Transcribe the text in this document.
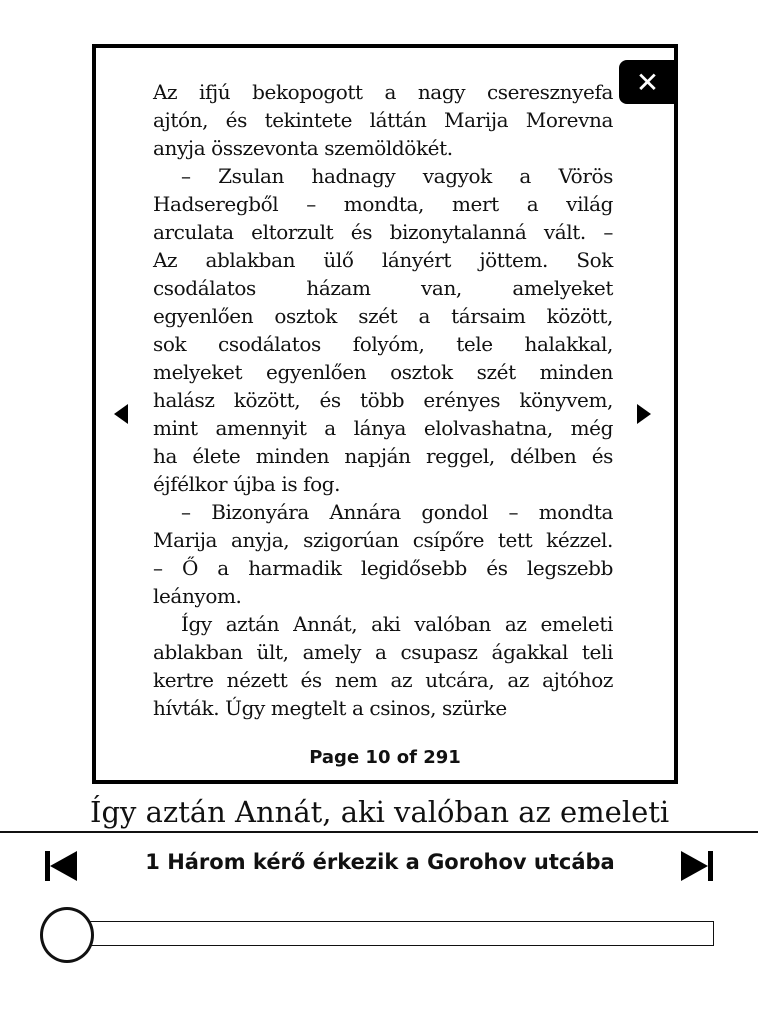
Így aztán Annát, aki valóban az emeleti
Az ifjú bekopogott a nagy cseresznyefa
ajtón, és tekintete láttán Marija Morevna
anyja összevonta szemöldökét.
– Zsulan hadnagy vagyok a Vörös
Hadseregből – mondta, mert a világ
arculata eltorzult és bizonytalanná vált. –
Az ablakban ülő lányért jöttem. Sok
csodálatos házam van, amelyeket
egyenlően osztok szét a társaim között,
sok csodálatos folyóm, tele halakkal,
melyeket egyenlően osztok szét minden
halász között, és több erényes könyvem,
mint amennyit a lánya elolvashatna, még
ha élete minden napján reggel, délben és
éjfélkor újba is fog.
– Bizonyára Annára gondol – mondta
Marija anyja, szigorúan csípőre tett kézzel.
– Ő a harmadik legidősebb és legszebb
leányom.
Így aztán Annát, aki valóban az emeleti
ablakban ült, amely a csupasz ágakkal teli
kertre nézett és nem az utcára, az ajtóhoz
hívták. Úgy megtelt a csinos, szürke
Page 10 of 291
✕
1 Három kérő érkezik a Gorohov utcába
